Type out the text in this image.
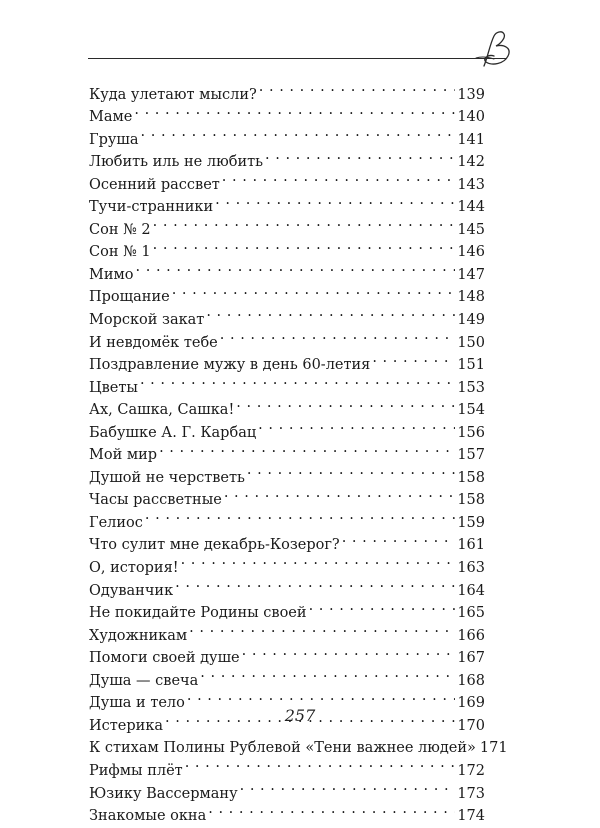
Куда улетают мысли? . . .	139
Маме . . .	140
Груша . . .	141
Любить иль не любить . . .	142
Осенний рассвет . . .	143
Тучи-странники . . .	144
Сон № 2 . . .	145
Сон № 1 . . .	146
Мимо . . .	147
Прощание . . .	148
Морской закат . . .	149
И невдомёк тебе . . .	150
Поздравление мужу в день 60-летия . . .	151
Цветы . . .	153
Ах, Сашка, Сашка! . . .	154
Бабушке А. Г. Карбац . . .	156
Мой мир . . .	157
Душой не черстветь . . .	158
Часы рассветные . . .	158
Гелиос . . .	159
Что сулит мне декабрь-Козерог? . . .	161
О, история! . . .	163
Одуванчик . . .	164
Не покидайте Родины своей . . .	165
Художникам . . .	166
Помоги своей душе . . .	167
Душа — свеча . . .	168
Душа и тело . . .	169
Истерика . . .	170
К стихам Полины Рублевой «Тени важнее людей» 171
Рифмы плёт . . .	172
Юзику Вассерману . . .	173
Знакомые окна . . .	174
257
